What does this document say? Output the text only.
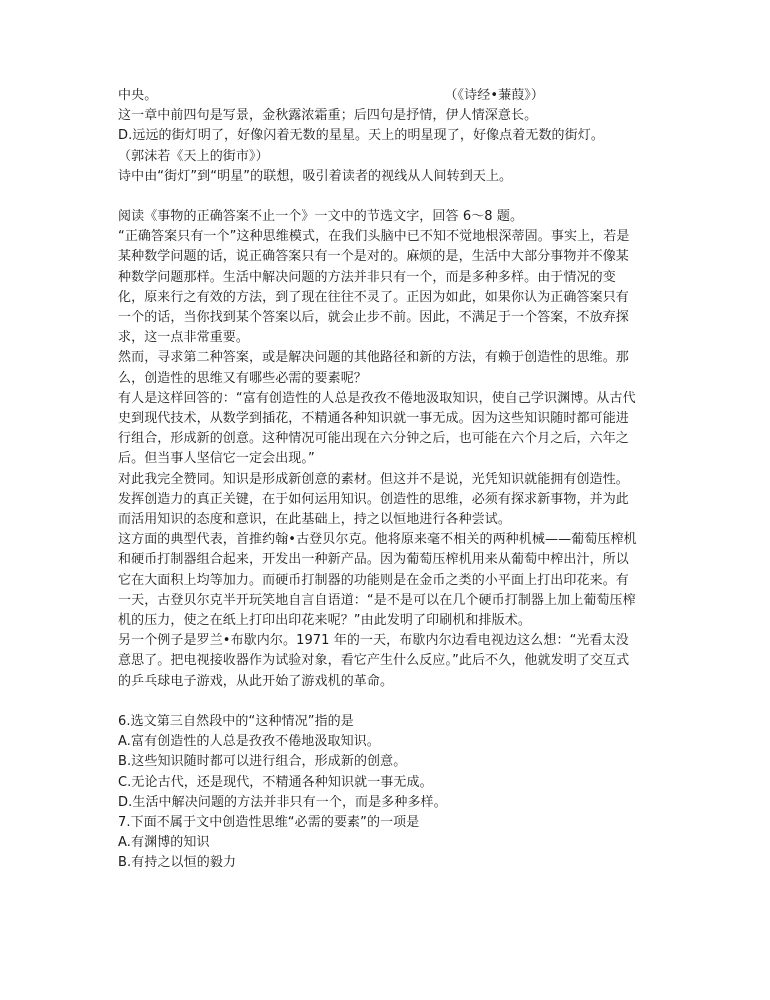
中央。	（《诗经•蒹葭》）
这一章中前四句是写景，金秋露浓霜重；后四句是抒情，伊人情深意长。
D.远远的街灯明了，好像闪着无数的星星。天上的明星现了，好像点着无数的街灯。
（郭沫若《天上的街市》）
诗中由“街灯”到“明星”的联想，吸引着读者的视线从人间转到天上。
阅读《事物的正确答案不止一个》一文中的节选文字，回答 6～8 题。
“正确答案只有一个”这种思维模式，在我们头脑中已不知不觉地根深蒂固。事实上，若是
某种数学问题的话，说正确答案只有一个是对的。麻烦的是，生活中大部分事物并不像某
种数学问题那样。生活中解决问题的方法并非只有一个，而是多种多样。由于情况的变
化，原来行之有效的方法，到了现在往往不灵了。正因为如此，如果你认为正确答案只有
一个的话，当你找到某个答案以后，就会止步不前。因此，不满足于一个答案，不放弃探
求，这一点非常重要。
然而，寻求第二种答案，或是解决问题的其他路径和新的方法，有赖于创造性的思维。那
么，创造性的思维又有哪些必需的要素呢？
有人是这样回答的：“富有创造性的人总是孜孜不倦地汲取知识，使自己学识渊博。从古代
史到现代技术，从数学到插花，不精通各种知识就一事无成。因为这些知识随时都可能进
行组合，形成新的创意。这种情况可能出现在六分钟之后，也可能在六个月之后，六年之
后。但当事人坚信它一定会出现。”
对此我完全赞同。知识是形成新创意的素材。但这并不是说，光凭知识就能拥有创造性。
发挥创造力的真正关键，在于如何运用知识。创造性的思维，必须有探求新事物，并为此
而活用知识的态度和意识，在此基础上，持之以恒地进行各种尝试。
这方面的典型代表，首推约翰•古登贝尔克。他将原来毫不相关的两种机械——葡萄压榨机
和硬币打制器组合起来，开发出一种新产品。因为葡萄压榨机用来从葡萄中榨出汁，所以
它在大面积上均等加力。而硬币打制器的功能则是在金币之类的小平面上打出印花来。有
一天，古登贝尔克半开玩笑地自言自语道：“是不是可以在几个硬币打制器上加上葡萄压榨
机的压力，使之在纸上打印出印花来呢？”由此发明了印刷机和排版术。
另一个例子是罗兰•布歇内尔。1971 年的一天，布歇内尔边看电视边这么想：“光看太没
意思了。把电视接收器作为试验对象，看它产生什么反应。”此后不久，他就发明了交互式
的乒乓球电子游戏，从此开始了游戏机的革命。
6.选文第三自然段中的“这种情况”指的是
A.富有创造性的人总是孜孜不倦地汲取知识。
B.这些知识随时都可以进行组合，形成新的创意。
C.无论古代，还是现代，不精通各种知识就一事无成。
D.生活中解决问题的方法并非只有一个，而是多种多样。
7.下面不属于文中创造性思维“必需的要素”的一项是
A.有渊博的知识
B.有持之以恒的毅力
